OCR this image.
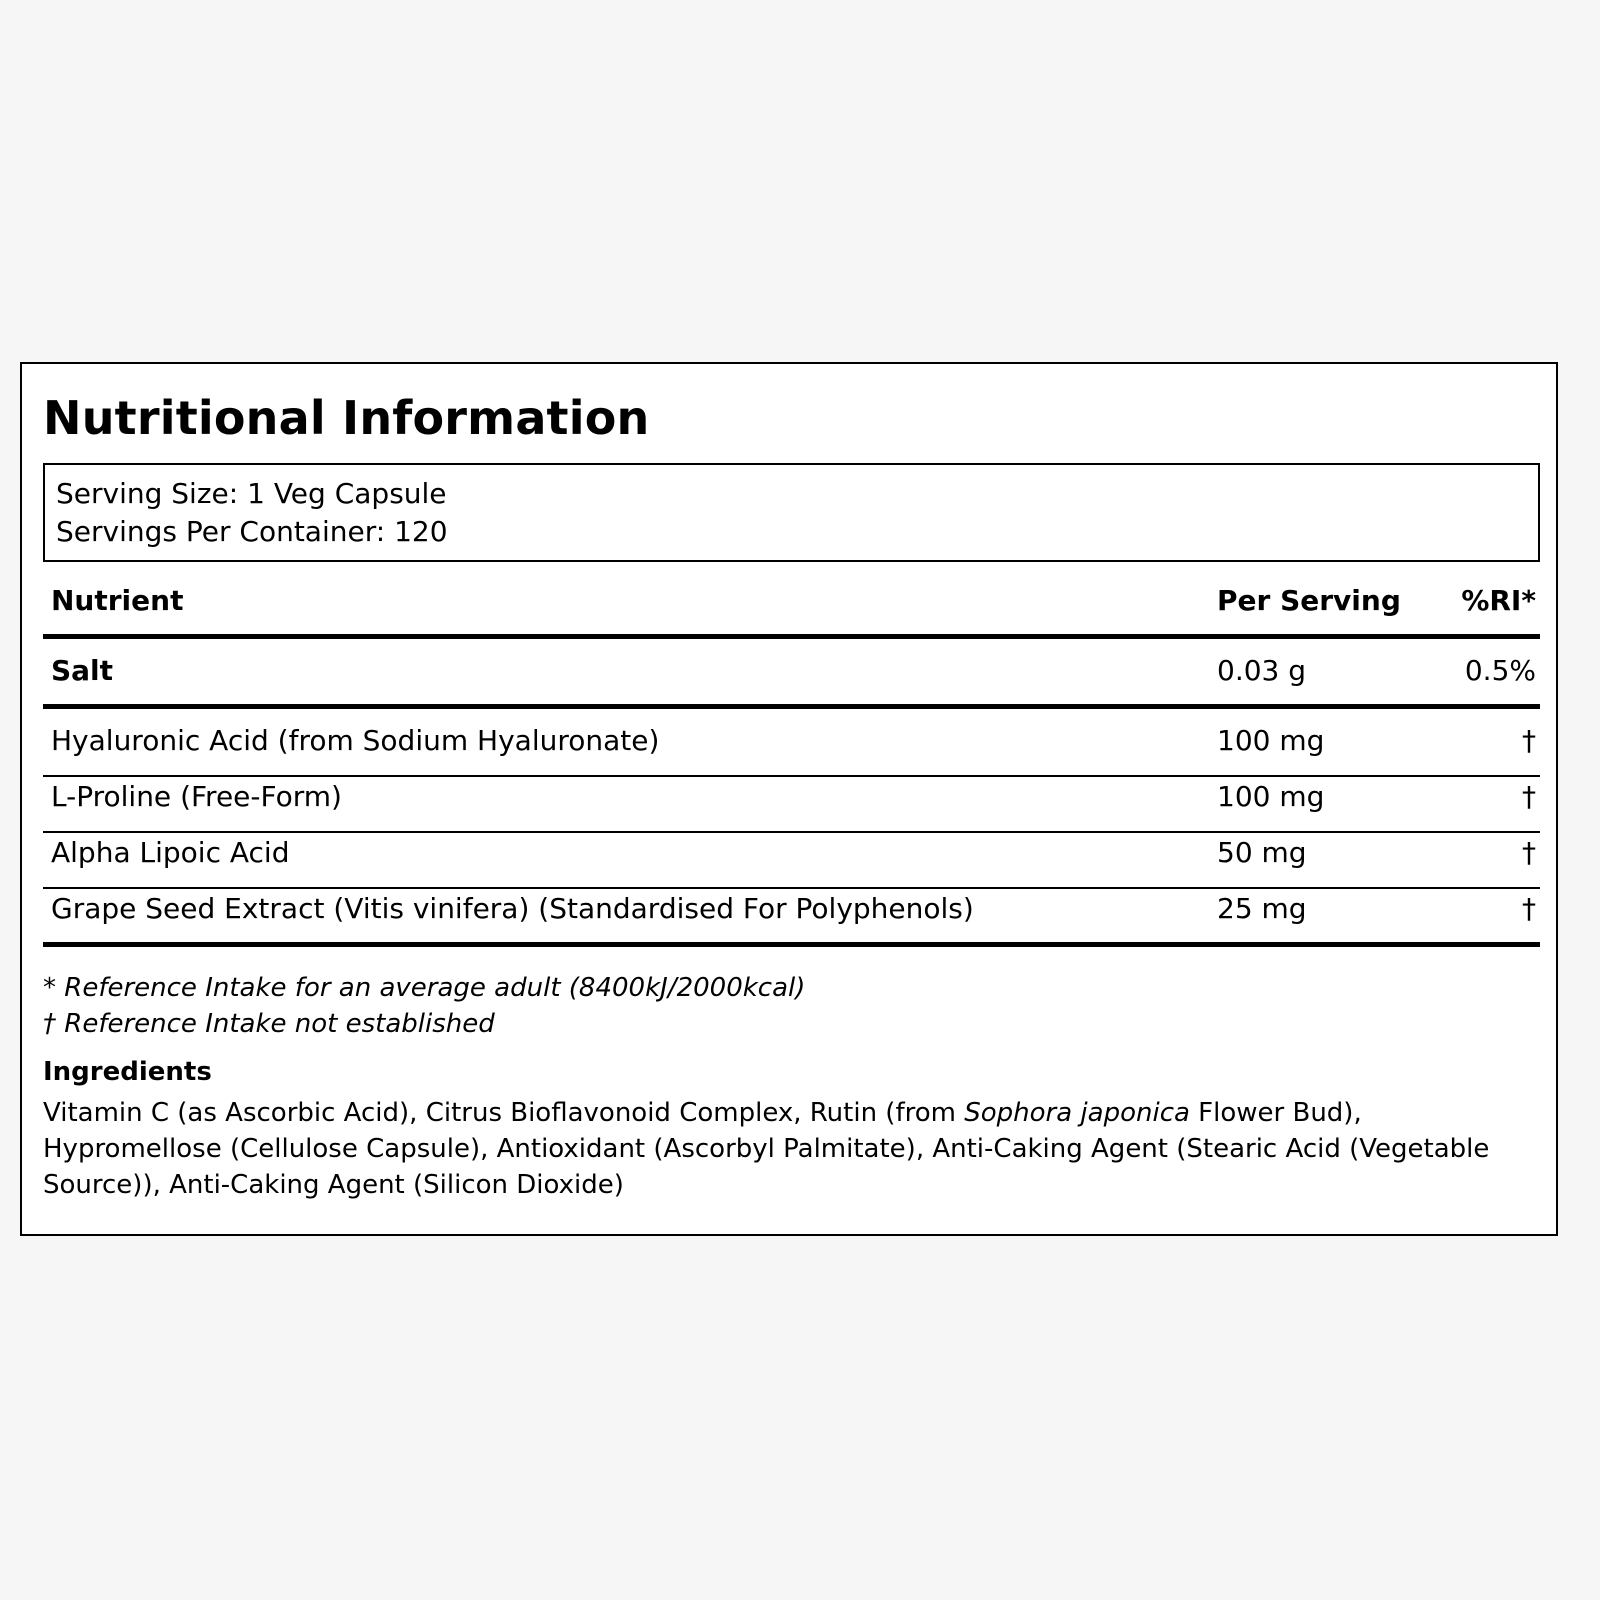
Nutritional Information
Serving Size: 1 Veg Capsule
Servings Per Container: 120
Nutrient	Per Serving %RI*
Salt	0.03 g	0.5%
Hyaluronic Acid (from Sodium Hyaluronate)	100 mg	†
L-Proline (Free-Form)	100 mg	†
Alpha Lipoic Acid	50 mg	†
Grape Seed Extract (Vitis vinifera) (Standardised For Polyphenols)	25 mg	†
* Reference Intake for an average adult (8400kJ/2000kcal)
† Reference Intake not established
Ingredients
Vitamin C (as Ascorbic Acid), Citrus Bioflavonoid Complex, Rutin (from Sophora japonica Flower Bud), Hypromellose (Cellulose Capsule), Antioxidant (Ascorbyl Palmitate), Anti-Caking Agent (Stearic Acid (Vegetable Source)), Anti-Caking Agent (Silicon Dioxide)
